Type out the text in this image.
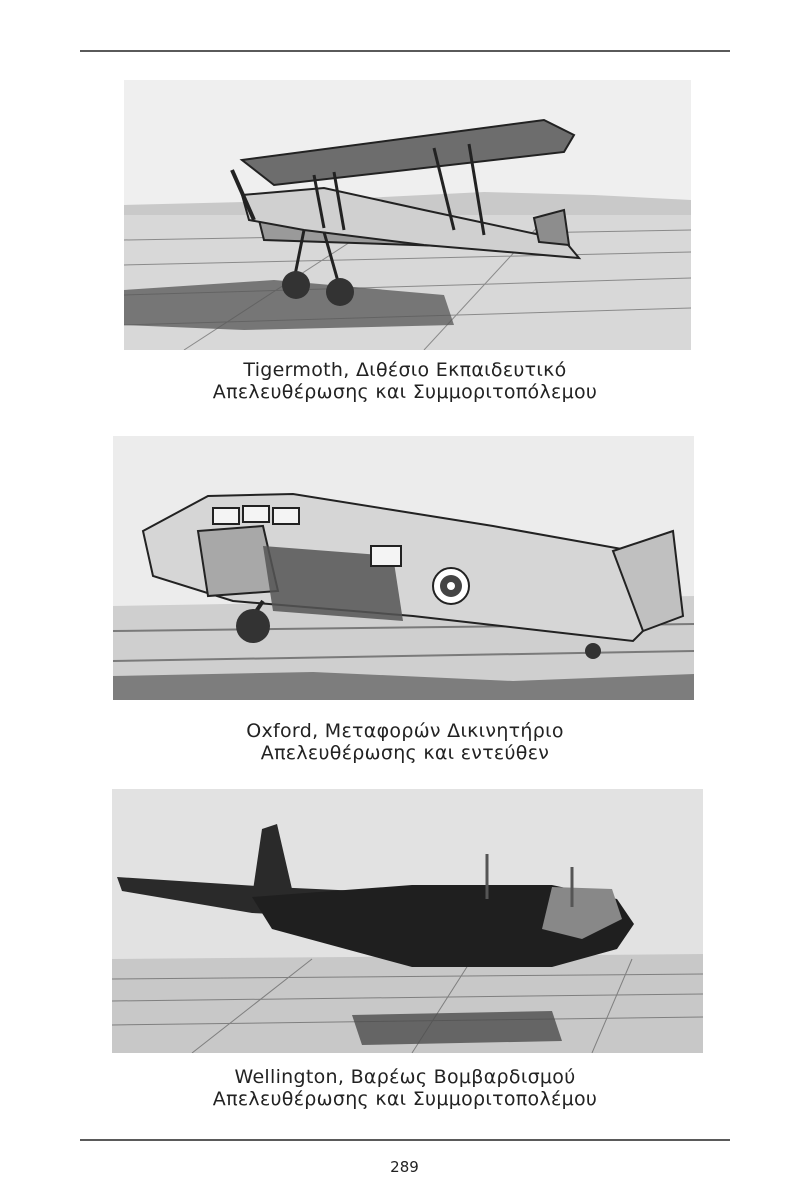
Tigermoth, Διθέσιο Εκπαιδευτικό
Απελευθέρωσης και Συμμοριτοπόλεμου
Oxford, Μεταφορών Δικινητήριο
Απελευθέρωσης και εντεύθεν
Wellington, Βαρέως Βομβαρδισμού
Απελευθέρωσης και Συμμοριτοπολέμου
289
